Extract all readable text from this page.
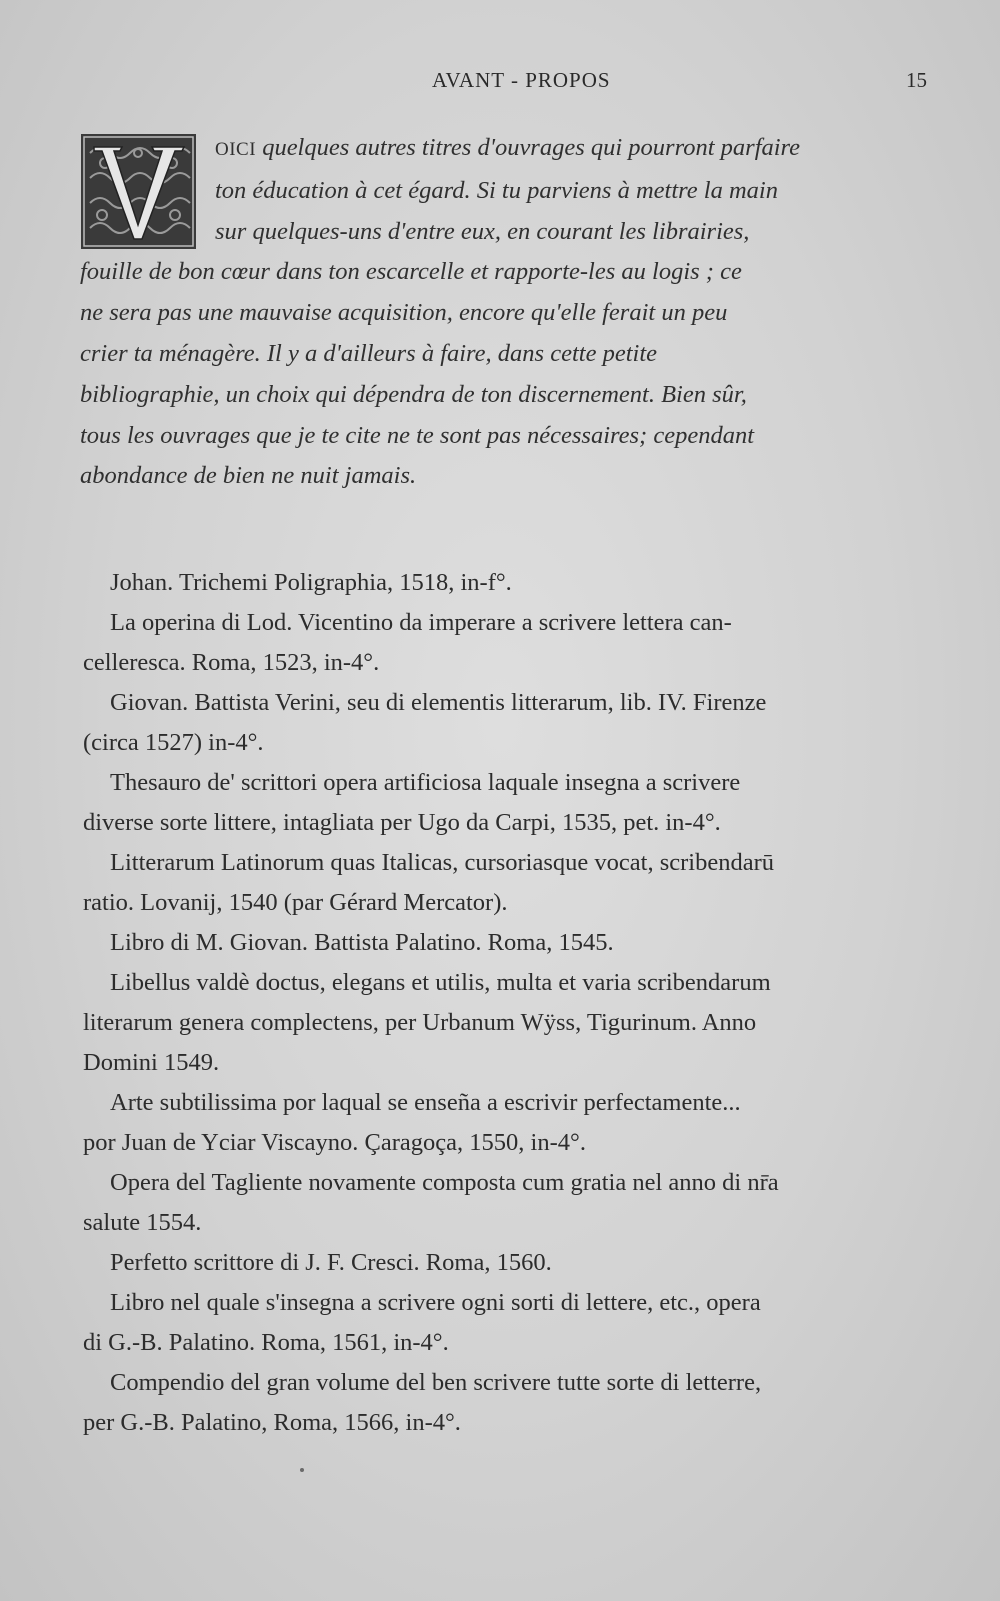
AVANT - PROPOS	15
OICI quelques autres titres d'ouvrages qui pourront parfaire
ton éducation à cet égard. Si tu parviens à mettre la main
sur quelques-uns d'entre eux, en courant les librairies,
fouille de bon cœur dans ton escarcelle et rapporte-les au logis ; ce
ne sera pas une mauvaise acquisition, encore qu'elle ferait un peu
crier ta ménagère. Il y a d'ailleurs à faire, dans cette petite
bibliographie, un choix qui dépendra de ton discernement. Bien sûr,
tous les ouvrages que je te cite ne te sont pas nécessaires; cependant
abondance de bien ne nuit jamais.
Johan. Trichemi Poligraphia, 1518, in-f°.
La operina di Lod. Vicentino da imperare a scrivere lettera can-
celleresca. Roma, 1523, in-4°.
Giovan. Battista Verini, seu di elementis litterarum, lib. IV. Firenze
(circa 1527) in-4°.
Thesauro de' scrittori opera artificiosa laquale insegna a scrivere
diverse sorte littere, intagliata per Ugo da Carpi, 1535, pet. in-4°.
Litterarum Latinorum quas Italicas, cursoriasque vocat, scribendarū
ratio. Lovanij, 1540 (par Gérard Mercator).
Libro di M. Giovan. Battista Palatino. Roma, 1545.
Libellus valdè doctus, elegans et utilis, multa et varia scribendarum
literarum genera complectens, per Urbanum Wÿss, Tigurinum. Anno
Domini 1549.
Arte subtilissima por laqual se enseña a escrivir perfectamente...
por Juan de Yciar Viscayno. Çaragoça, 1550, in-4°.
Opera del Tagliente novamente composta cum gratia nel anno di nr̄a
salute 1554.
Perfetto scrittore di J. F. Cresci. Roma, 1560.
Libro nel quale s'insegna a scrivere ogni sorti di lettere, etc., opera
di G.-B. Palatino. Roma, 1561, in-4°.
Compendio del gran volume del ben scrivere tutte sorte di letterre,
per G.-B. Palatino, Roma, 1566, in-4°.
